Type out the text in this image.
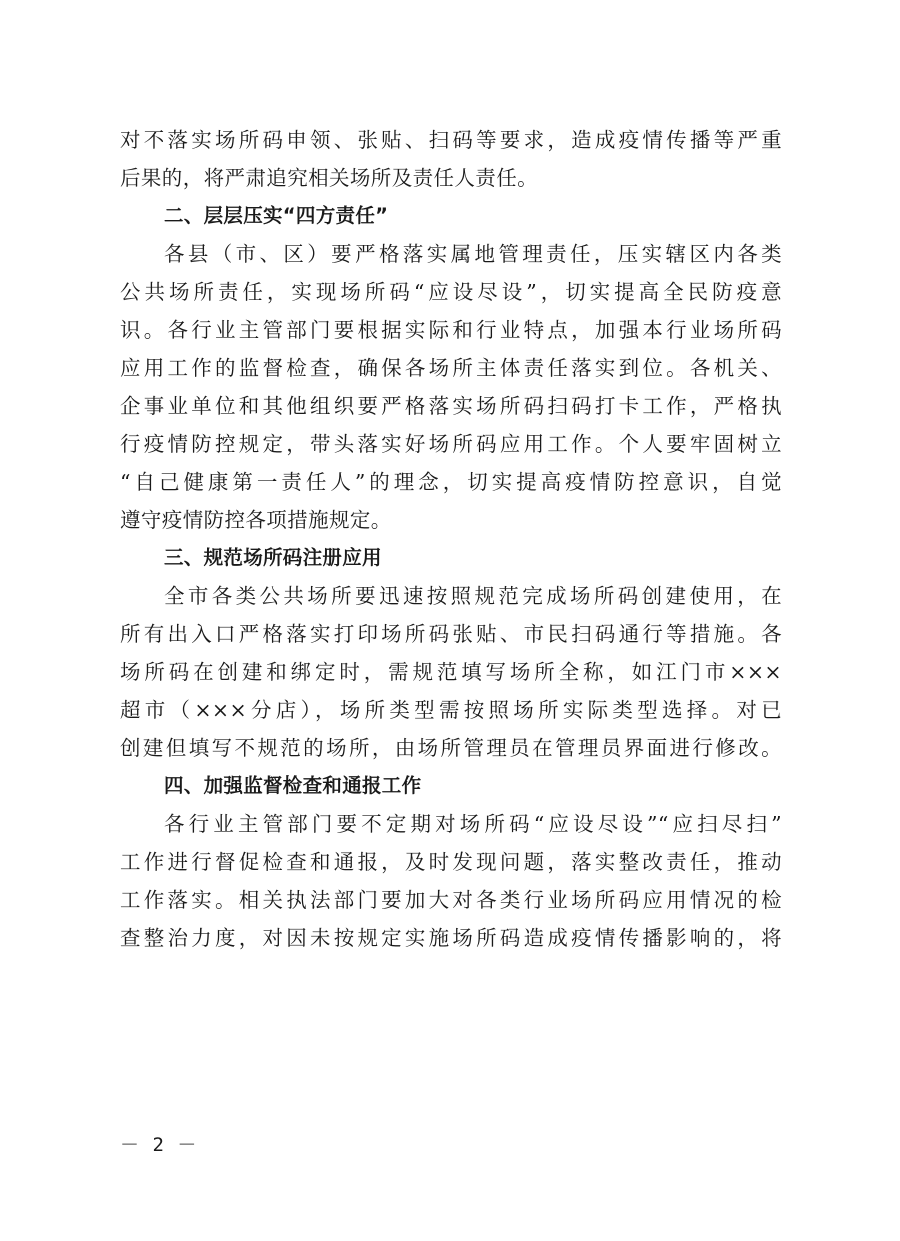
对不落实场所码申领、张贴、扫码等要求，造成疫情传播等严重
后果的，将严肃追究相关场所及责任人责任。
二、层层压实“四方责任”
各县（市、区）要严格落实属地管理责任，压实辖区内各类
公共场所责任，实现场所码“应设尽设”，切实提高全民防疫意
识。各行业主管部门要根据实际和行业特点，加强本行业场所码
应用工作的监督检查，确保各场所主体责任落实到位。各机关、
企事业单位和其他组织要严格落实场所码扫码打卡工作，严格执
行疫情防控规定，带头落实好场所码应用工作。个人要牢固树立
“自己健康第一责任人”的理念，切实提高疫情防控意识，自觉
遵守疫情防控各项措施规定。
三、规范场所码注册应用
全市各类公共场所要迅速按照规范完成场所码创建使用，在
所有出入口严格落实打印场所码张贴、市民扫码通行等措施。各
场所码在创建和绑定时，需规范填写场所全称，如江门市×××
超市（×××分店），场所类型需按照场所实际类型选择。对已
创建但填写不规范的场所，由场所管理员在管理员界面进行修改。
四、加强监督检查和通报工作
各行业主管部门要不定期对场所码“应设尽设”“应扫尽扫”
工作进行督促检查和通报，及时发现问题，落实整改责任，推动
工作落实。相关执法部门要加大对各类行业场所码应用情况的检
查整治力度，对因未按规定实施场所码造成疫情传播影响的，将
－ 2 －
